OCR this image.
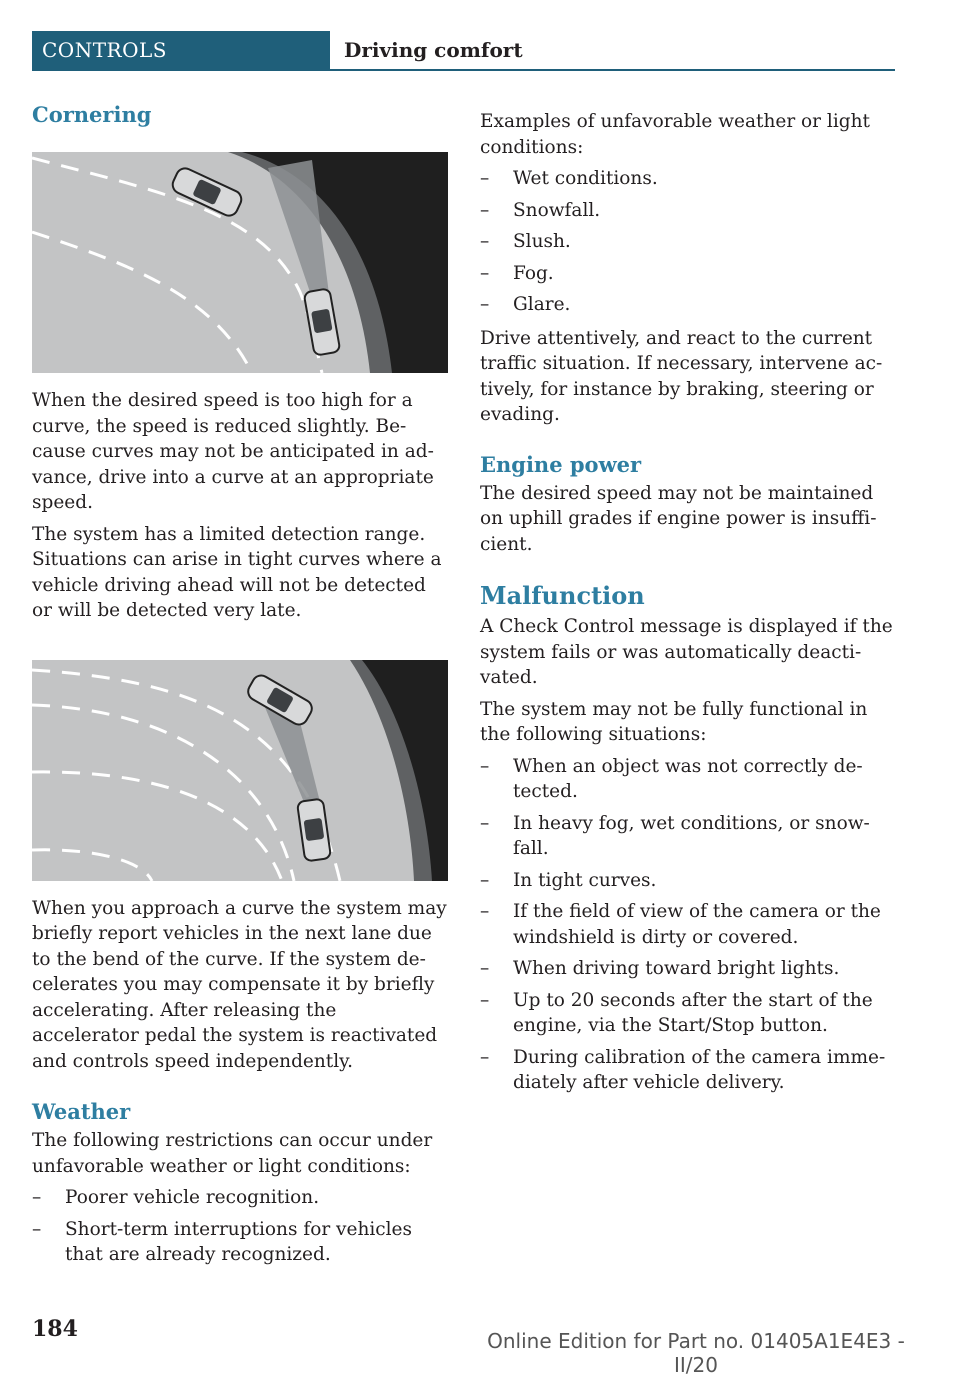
CONTROLS	Driving comfort
Cornering

When the desired speed is too high for a curve, the speed is reduced slightly. Be‐cause curves may not be anticipated in ad‐vance, drive into a curve at an appropriate speed.

The system has a limited detection range. Situations can arise in tight curves where a vehicle driving ahead will not be detected or will be detected very late.

When you approach a curve the system may briefly report vehicles in the next lane due to the bend of the curve. If the system de‐celerates you may compensate it by briefly accelerating. After releasing the accelerator pedal the system is reactivated and controls speed independently.

Weather

The following restrictions can occur under unfavorable weather or light conditions:

– Poorer vehicle recognition.
– Short-term interruptions for vehicles that are already recognized.

Examples of unfavorable weather or light conditions:

– Wet conditions.
– Snowfall.
– Slush.
– Fog.
– Glare.

Drive attentively, and react to the current traffic situation. If necessary, intervene ac‐tively, for instance by braking, steering or evading.

Engine power

The desired speed may not be maintained on uphill grades if engine power is insuffi‐cient.

Malfunction

A Check Control message is displayed if the system fails or was automatically deacti‐vated.

The system may not be fully functional in the following situations:

– When an object was not correctly de‐tected.
– In heavy fog, wet conditions, or snow‐fall.
– In tight curves.
– If the field of view of the camera or the windshield is dirty or covered.
– When driving toward bright lights.
– Up to 20 seconds after the start of the engine, via the Start/Stop button.
– During calibration of the camera imme‐diately after vehicle delivery.
184	Online Edition for Part no. 01405A1E4E3 - II/20
